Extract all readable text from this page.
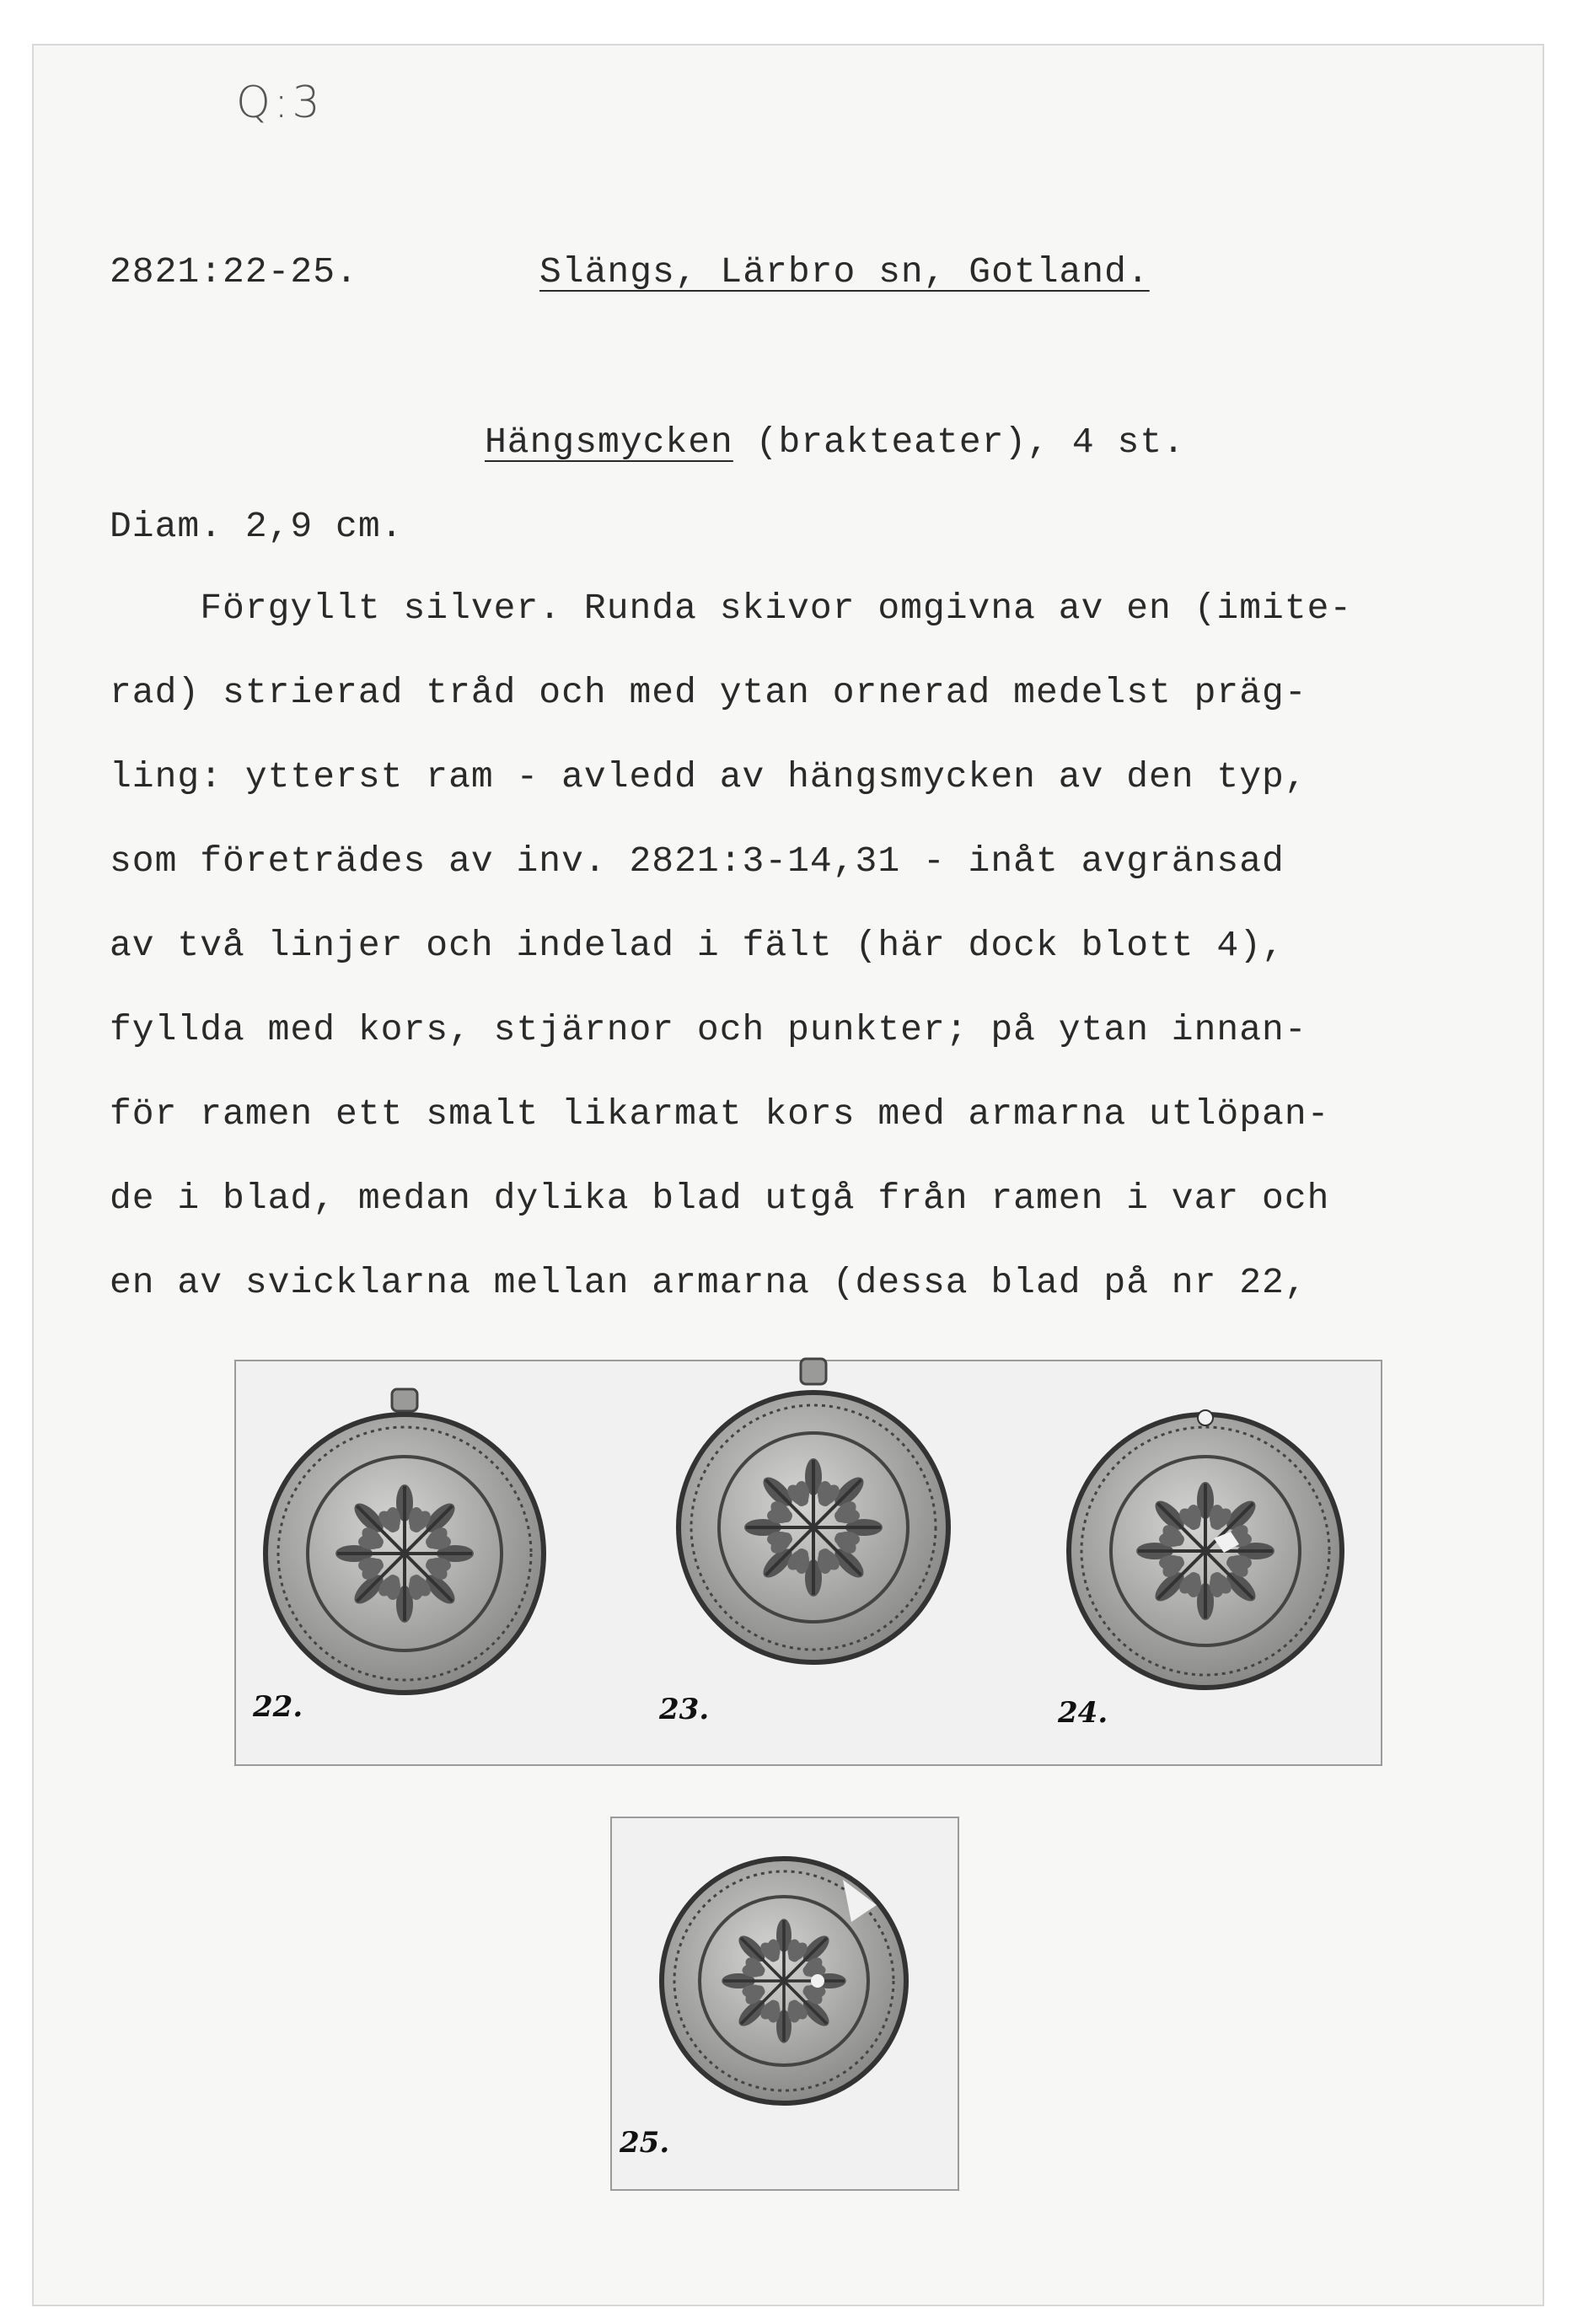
Q:3
2821:22-25.	Slängs, Lärbro sn, Gotland.
Hängsmycken (brakteater), 4 st.
Diam. 2,9 cm.
Förgyllt silver. Runda skivor omgivna av en (imite-
rad) strierad tråd och med ytan ornerad medelst präg-
ling: ytterst ram - avledd av hängsmycken av den typ,
som företrädes av inv. 2821:3-14,31 - inåt avgränsad
av två linjer och indelad i fält (här dock blott 4),
fyllda med kors, stjärnor och punkter; på ytan innan-
för ramen ett smalt likarmat kors med armarna utlöpan-
de i blad, medan dylika blad utgå från ramen i var och
en av svicklarna mellan armarna (dessa blad på nr 22,
22.	23.	24.
25.
